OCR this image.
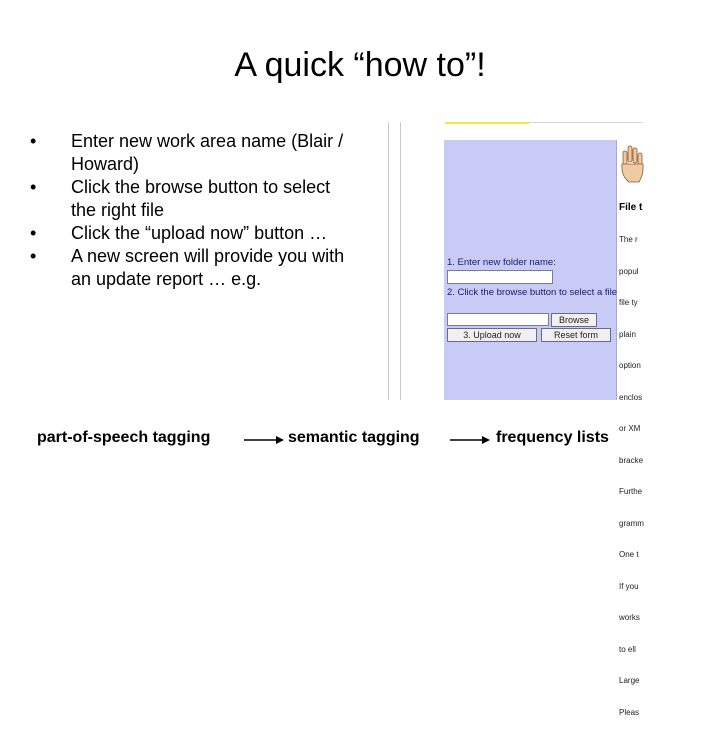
A quick “how to”!
• Enter new work area name (Blair / Howard)
• Click the browse button to select the right file
• Click the “upload now” button …
• A new screen will provide you with an update report … e.g.
File t

The r

popul

file ty

plain

option

enclos

or XM

bracke

Furthe

gramm

One t

If you

works

to ell

Large

Pleas

1. Enter new folder name:
2. Click the browse button to select a file
Browse
3. Upload now	Reset form
part-of-speech tagging	semantic tagging	frequency lists
